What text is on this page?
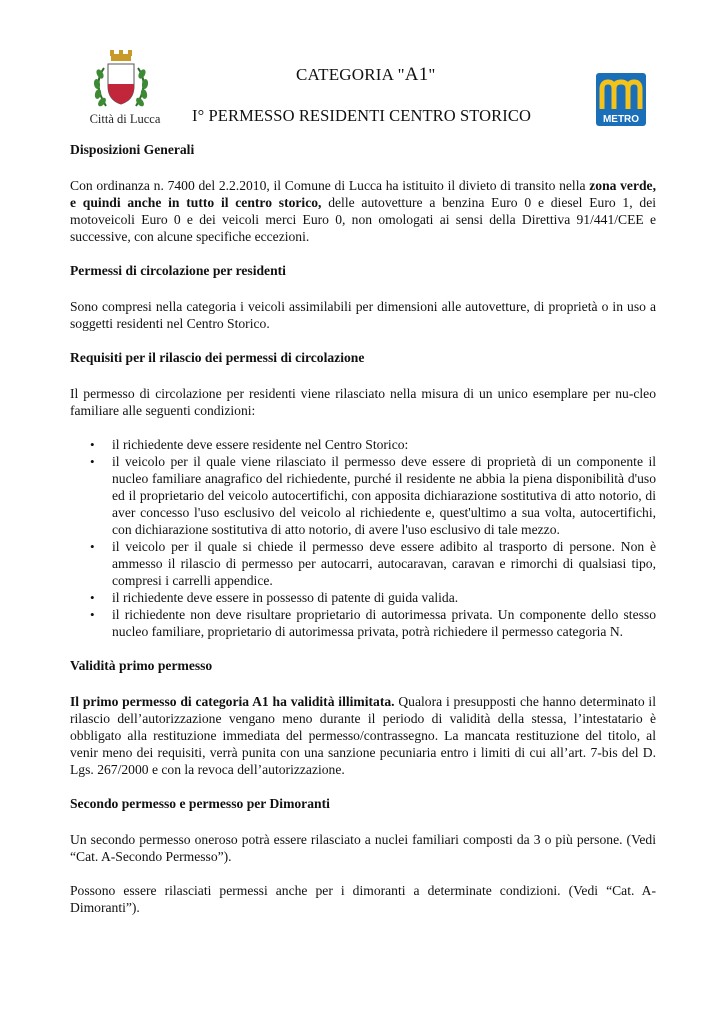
Città di Lucca
CATEGORIA "A1"
I° PERMESSO RESIDENTI CENTRO STORICO	METRO
Disposizioni Generali

Con ordinanza n. 7400 del 2.2.2010, il Comune di Lucca ha istituito il divieto di transito nella zona verde, e quindi anche in tutto il centro storico, delle autovetture a benzina Euro 0 e diesel Euro 1, dei motoveicoli Euro 0 e dei veicoli merci Euro 0, non omologati ai sensi della Direttiva 91/441/CEE e successive, con alcune specifiche eccezioni.

Permessi di circolazione per residenti

Sono compresi nella categoria i veicoli assimilabili per dimensioni alle autovetture, di proprietà o in uso a soggetti residenti nel Centro Storico.

Requisiti per il rilascio dei permessi di circolazione

Il permesso di circolazione per residenti viene rilasciato nella misura di un unico esemplare per nu-cleo familiare alle seguenti condizioni:

• il richiedente deve essere residente nel Centro Storico:
• il veicolo per il quale viene rilasciato il permesso deve essere di proprietà di un componente il nucleo familiare anagrafico del richiedente, purché il residente ne abbia la piena disponibilità d'uso ed il proprietario del veicolo autocertifichi, con apposita dichiarazione sostitutiva di atto notorio, di aver concesso l'uso esclusivo del veicolo al richiedente e, quest'ultimo a sua volta, autocertifichi, con dichiarazione sostitutiva di atto notorio, di avere l'uso esclusivo di tale mezzo.
• il veicolo per il quale si chiede il permesso deve essere adibito al trasporto di persone. Non è ammesso il rilascio di permesso per autocarri, autocaravan, caravan e rimorchi di qualsiasi tipo, compresi i carrelli appendice.
• il richiedente deve essere in possesso di patente di guida valida.
• il richiedente non deve risultare proprietario di autorimessa privata. Un componente dello stesso nucleo familiare, proprietario di autorimessa privata, potrà richiedere il permesso categoria N.
Validità primo permesso

Il primo permesso di categoria A1 ha validità illimitata. Qualora i presupposti che hanno determinato il rilascio dell’autorizzazione vengano meno durante il periodo di validità della stessa, l’intestatario è obbligato alla restituzione immediata del permesso/contrassegno. La mancata restituzione del titolo, al venir meno dei requisiti, verrà punita con una sanzione pecuniaria entro i limiti di cui all’art. 7-bis del D. Lgs. 267/2000 e con la revoca dell’autorizzazione.

Secondo permesso e permesso per Dimoranti

Un secondo permesso oneroso potrà essere rilasciato a nuclei familiari composti da 3 o più persone. (Vedi “Cat. A-Secondo Permesso”).

Possono essere rilasciati permessi anche per i dimoranti a determinate condizioni. (Vedi “Cat. A-Dimoranti”).
